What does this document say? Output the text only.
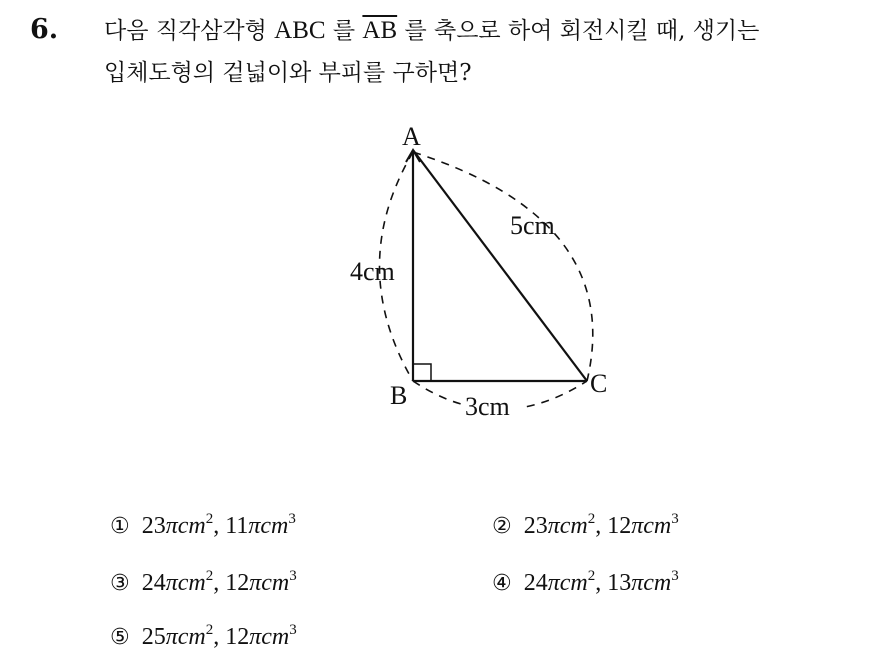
6. 다음 직각삼각형 ABC 를 $\overline{AB}$ 를 축으로 하여 회전시킬 때, 생기는
입체도형의 겉넓이와 부피를 구하면?
A
B	C
4cm
5cm
3cm
① 23πcm$^2$, 11πcm$^3$	② 23πcm$^2$, 12πcm$^3$
③ 24πcm$^2$, 12πcm$^3$	④ 24πcm$^2$, 13πcm$^3$
⑤ 25πcm$^2$, 12πcm$^3$
